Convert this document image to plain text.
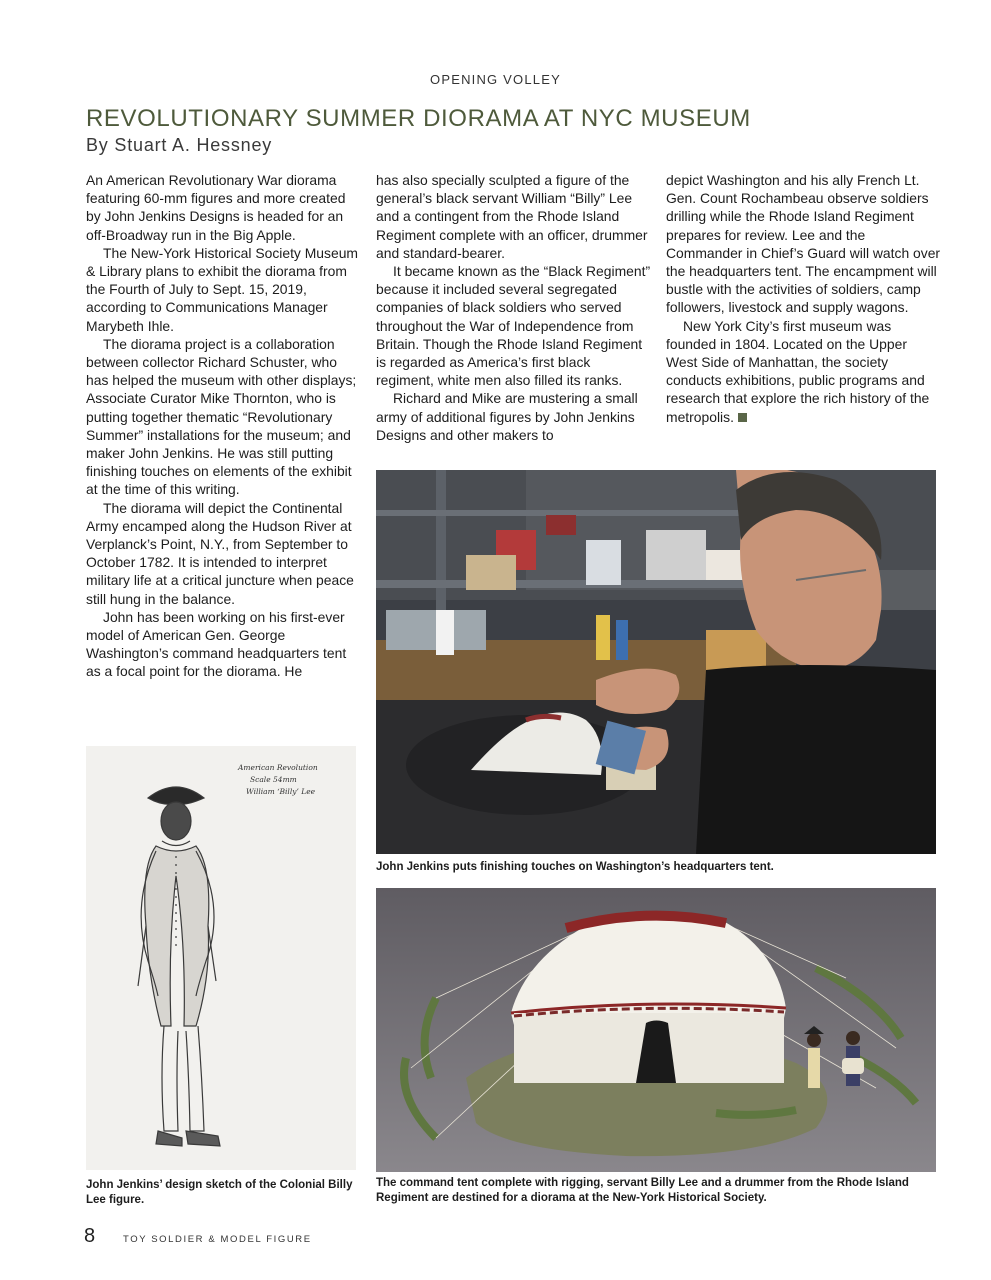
OPENING VOLLEY
REVOLUTIONARY SUMMER DIORAMA AT NYC MUSEUM
By Stuart A. Hessney

An American Revolutionary War diorama featuring 60-mm figures and more created by John Jenkins Designs is headed for an off-Broadway run in the Big Apple.

The New-York Historical Society Museum & Library plans to exhibit the diorama from the Fourth of July to Sept. 15, 2019, according to Communications Manager Marybeth Ihle.

The diorama project is a collaboration between collector Richard Schuster, who has helped the museum with other displays; Associate Curator Mike Thornton, who is putting together thematic “Revolutionary Summer” installations for the museum; and maker John Jenkins. He was still putting finishing touches on elements of the exhibit at the time of this writing.

The diorama will depict the Continental Army encamped along the Hudson River at Verplanck’s Point, N.Y., from September to October 1782. It is intended to interpret military life at a critical juncture when peace still hung in the balance.

John has been working on his first-ever model of American Gen. George Washington’s command headquarters tent as a focal point for the diorama. He

has also specially sculpted a figure of the general’s black servant William “Billy” Lee and a contingent from the Rhode Island Regiment complete with an officer, drummer and standard-bearer.

It became known as the “Black Regiment” because it included several segregated companies of black soldiers who served throughout the War of Independence from Britain. Though the Rhode Island Regiment is regarded as America’s first black regiment, white men also filled its ranks.

Richard and Mike are mustering a small army of additional figures by John Jenkins Designs and other makers to

depict Washington and his ally French Lt. Gen. Count Rochambeau observe soldiers drilling while the Rhode Island Regiment prepares for review. Lee and the Commander in Chief’s Guard will watch over the headquarters tent. The encampment will bustle with the activities of soldiers, camp followers, livestock and supply wagons.

New York City’s first museum was founded in 1804. Located on the Upper West Side of Manhattan, the society conducts exhibitions, public programs and research that explore the rich history of the metropolis.

John Jenkins puts finishing touches on Washington’s headquarters tent.
American Revolution
Scale 54mm
William ‘Billy’ Lee
John Jenkins’ design sketch of the Colonial Billy Lee figure.
The command tent complete with rigging, servant Billy Lee and a drummer from the Rhode Island Regiment are destined for a diorama at the New-York Historical Society.
8	TOY SOLDIER & MODEL FIGURE
